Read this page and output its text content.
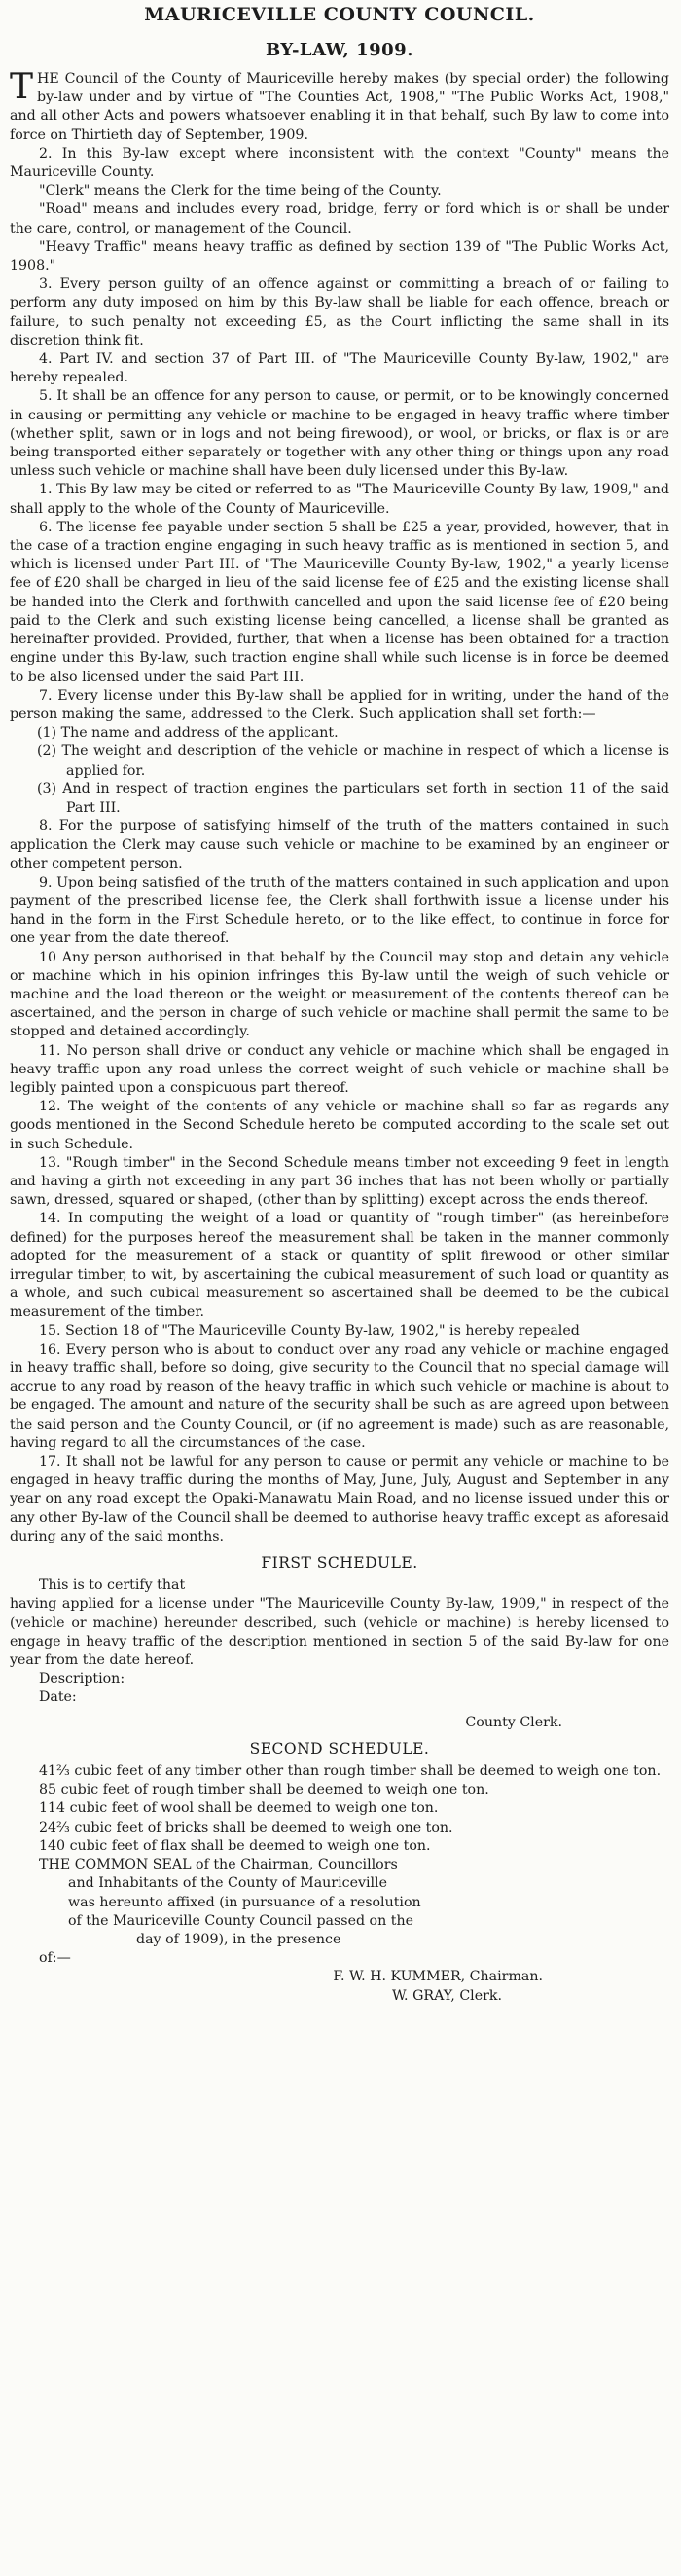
MAURICEVILLE COUNTY COUNCIL.
BY-LAW, 1909.

THE Council of the County of Mauriceville hereby makes (by special order) the following by-law under and by virtue of "The Counties Act, 1908," "The Public Works Act, 1908," and all other Acts and powers whatsoever enabling it in that behalf, such By law to come into force on Thirtieth day of September, 1909.

2. In this By-law except where inconsistent with the context "County" means the Mauriceville County.

"Clerk" means the Clerk for the time being of the County.

"Road" means and includes every road, bridge, ferry or ford which is or shall be under the care, control, or management of the Council.

"Heavy Traffic" means heavy traffic as defined by section 139 of "The Public Works Act, 1908."

3. Every person guilty of an offence against or committing a breach of or failing to perform any duty imposed on him by this By-law shall be liable for each offence, breach or failure, to such penalty not exceeding £5, as the Court inflicting the same shall in its discretion think fit.

4. Part IV. and section 37 of Part III. of "The Mauriceville County By-law, 1902," are hereby repealed.

5. It shall be an offence for any person to cause, or permit, or to be knowingly concerned in causing or permitting any vehicle or machine to be engaged in heavy traffic where timber (whether split, sawn or in logs and not being firewood), or wool, or bricks, or flax is or are being transported either separately or together with any other thing or things upon any road unless such vehicle or machine shall have been duly licensed under this By-law.

1. This By law may be cited or referred to as "The Mauriceville County By-law, 1909," and shall apply to the whole of the County of Mauriceville.

6. The license fee payable under section 5 shall be £25 a year, provided, however, that in the case of a traction engine engaging in such heavy traffic as is mentioned in section 5, and which is licensed under Part III. of "The Mauriceville County By-law, 1902," a yearly license fee of £20 shall be charged in lieu of the said license fee of £25 and the existing license shall be handed into the Clerk and forthwith cancelled and upon the said license fee of £20 being paid to the Clerk and such existing license being cancelled, a license shall be granted as hereinafter provided. Provided, further, that when a license has been obtained for a traction engine under this By-law, such traction engine shall while such license is in force be deemed to be also licensed under the said Part III.

7. Every license under this By-law shall be applied for in writing, under the hand of the person making the same, addressed to the Clerk. Such application shall set forth:—

(1) The name and address of the applicant.

(2) The weight and description of the vehicle or machine in respect of which a license is applied for.

(3) And in respect of traction engines the particulars set forth in section 11 of the said Part III.

8. For the purpose of satisfying himself of the truth of the matters contained in such application the Clerk may cause such vehicle or machine to be examined by an engineer or other competent person.

9. Upon being satisfied of the truth of the matters contained in such application and upon payment of the prescribed license fee, the Clerk shall forthwith issue a license under his hand in the form in the First Schedule hereto, or to the like effect, to continue in force for one year from the date thereof.

10 Any person authorised in that behalf by the Council may stop and detain any vehicle or machine which in his opinion infringes this By-law until the weigh of such vehicle or machine and the load thereon or the weight or measurement of the contents thereof can be ascertained, and the person in charge of such vehicle or machine shall permit the same to be stopped and detained accordingly.

11. No person shall drive or conduct any vehicle or machine which shall be engaged in heavy traffic upon any road unless the correct weight of such vehicle or machine shall be legibly painted upon a conspicuous part thereof.

12. The weight of the contents of any vehicle or machine shall so far as regards any goods mentioned in the Second Schedule hereto be computed according to the scale set out in such Schedule.

13. "Rough timber" in the Second Schedule means timber not exceeding 9 feet in length and having a girth not exceeding in any part 36 inches that has not been wholly or partially sawn, dressed, squared or shaped, (other than by splitting) except across the ends thereof.

14. In computing the weight of a load or quantity of "rough timber" (as hereinbefore defined) for the purposes hereof the measurement shall be taken in the manner commonly adopted for the measurement of a stack or quantity of split firewood or other similar irregular timber, to wit, by ascertaining the cubical measurement of such load or quantity as a whole, and such cubical measurement so ascertained shall be deemed to be the cubical measurement of the timber.

15. Section 18 of "The Mauriceville County By-law, 1902," is hereby repealed

16. Every person who is about to conduct over any road any vehicle or machine engaged in heavy traffic shall, before so doing, give security to the Council that no special damage will accrue to any road by reason of the heavy traffic in which such vehicle or machine is about to be engaged. The amount and nature of the security shall be such as are agreed upon between the said person and the County Council, or (if no agreement is made) such as are reasonable, having regard to all the circumstances of the case.

17. It shall not be lawful for any person to cause or permit any vehicle or machine to be engaged in heavy traffic during the months of May, June, July, August and September in any year on any road except the Opaki-Manawatu Main Road, and no license issued under this or any other By-law of the Council shall be deemed to authorise heavy traffic except as aforesaid during any of the said months.

FIRST SCHEDULE.

This is to certify that

having applied for a license under "The Mauriceville County By-law, 1909," in respect of the (vehicle or machine) hereunder described, such (vehicle or machine) is hereby licensed to engage in heavy traffic of the description mentioned in section 5 of the said By-law for one year from the date hereof.

Description:

Date:

County Clerk.

SECOND SCHEDULE.

41⅔ cubic feet of any timber other than rough timber shall be deemed to weigh one ton.

85 cubic feet of rough timber shall be deemed to weigh one ton.

114 cubic feet of wool shall be deemed to weigh one ton.

24⅔ cubic feet of bricks shall be deemed to weigh one ton.

140 cubic feet of flax shall be deemed to weigh one ton.

THE COMMON SEAL of the Chairman, Councillors

and Inhabitants of the County of Mauriceville

was hereunto affixed (in pursuance of a resolution

of the Mauriceville County Council passed on the

day of 1909), in the presence

of:—

F. W. H. KUMMER, Chairman.

W. GRAY, Clerk.
